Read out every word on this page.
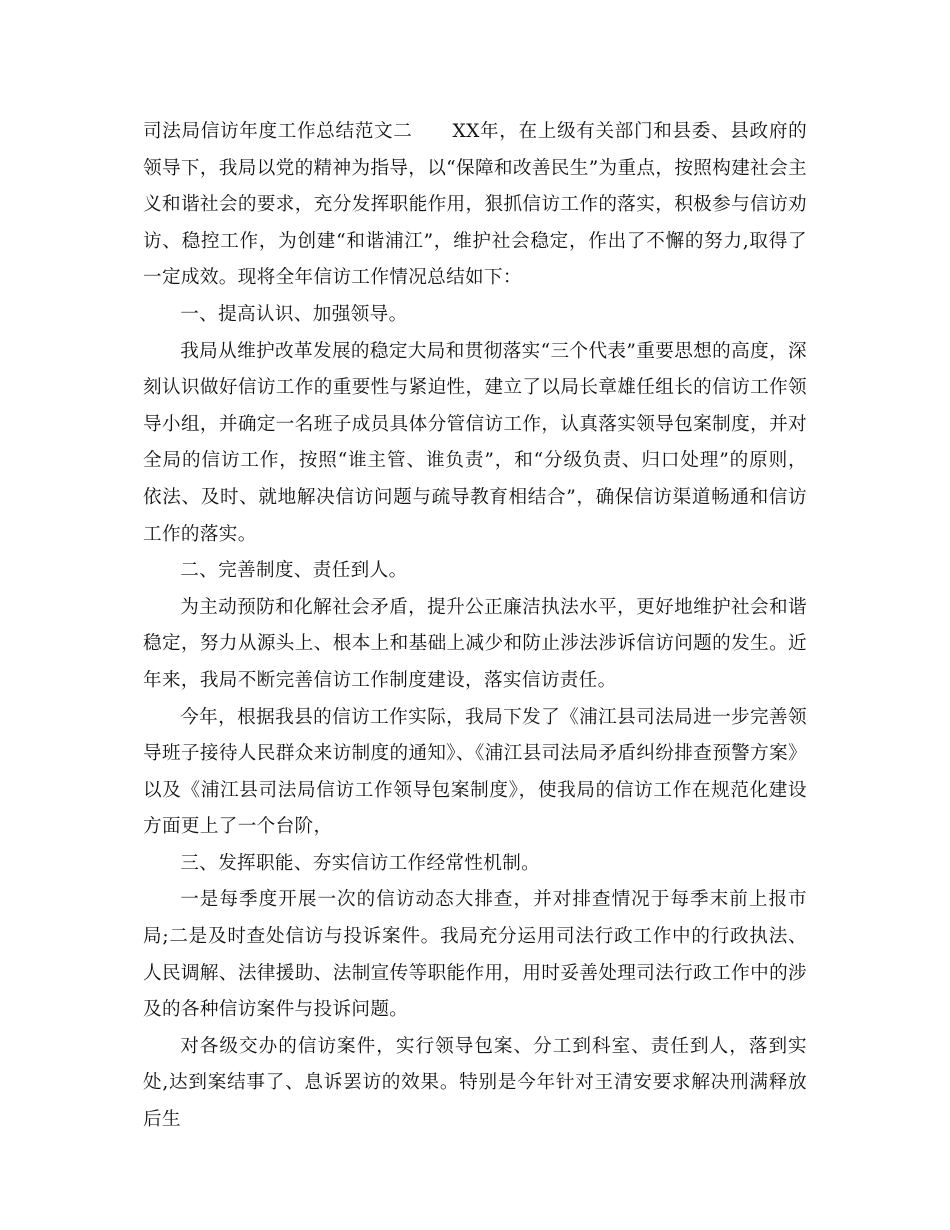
司法局信访年度工作总结范文二 XX年，在上级有关部门和县委、县政府的领导下，我局以党的精神为指导，以“保障和改善民生”为重点，按照构建社会主义和谐社会的要求，充分发挥职能作用，狠抓信访工作的落实，积极参与信访劝访、稳控工作，为创建“和谐浦江”，维护社会稳定，作出了不懈的努力,取得了一定成效。现将全年信访工作情况总结如下：

一、提高认识、加强领导。

我局从维护改革发展的稳定大局和贯彻落实“三个代表”重要思想的高度，深刻认识做好信访工作的重要性与紧迫性，建立了以局长章雄任组长的信访工作领导小组，并确定一名班子成员具体分管信访工作，认真落实领导包案制度，并对全局的信访工作，按照“谁主管、谁负责”，和“分级负责、归口处理”的原则，依法、及时、就地解决信访问题与疏导教育相结合”，确保信访渠道畅通和信访工作的落实。

二、完善制度、责任到人。

为主动预防和化解社会矛盾，提升公正廉洁执法水平，更好地维护社会和谐稳定，努力从源头上、根本上和基础上减少和防止涉法涉诉信访问题的发生。近年来，我局不断完善信访工作制度建设，落实信访责任。

今年，根据我县的信访工作实际，我局下发了《浦江县司法局进一步完善领导班子接待人民群众来访制度的通知》、《浦江县司法局矛盾纠纷排查预警方案》以及《浦江县司法局信访工作领导包案制度》，使我局的信访工作在规范化建设方面更上了一个台阶，

三、发挥职能、夯实信访工作经常性机制。

一是每季度开展一次的信访动态大排查，并对排查情况于每季末前上报市局;二是及时查处信访与投诉案件。我局充分运用司法行政工作中的行政执法、人民调解、法律援助、法制宣传等职能作用，用时妥善处理司法行政工作中的涉及的各种信访案件与投诉问题。

对各级交办的信访案件，实行领导包案、分工到科室、责任到人，落到实处,达到案结事了、息诉罢访的效果。特别是今年针对王清安要求解决刑满释放后生
